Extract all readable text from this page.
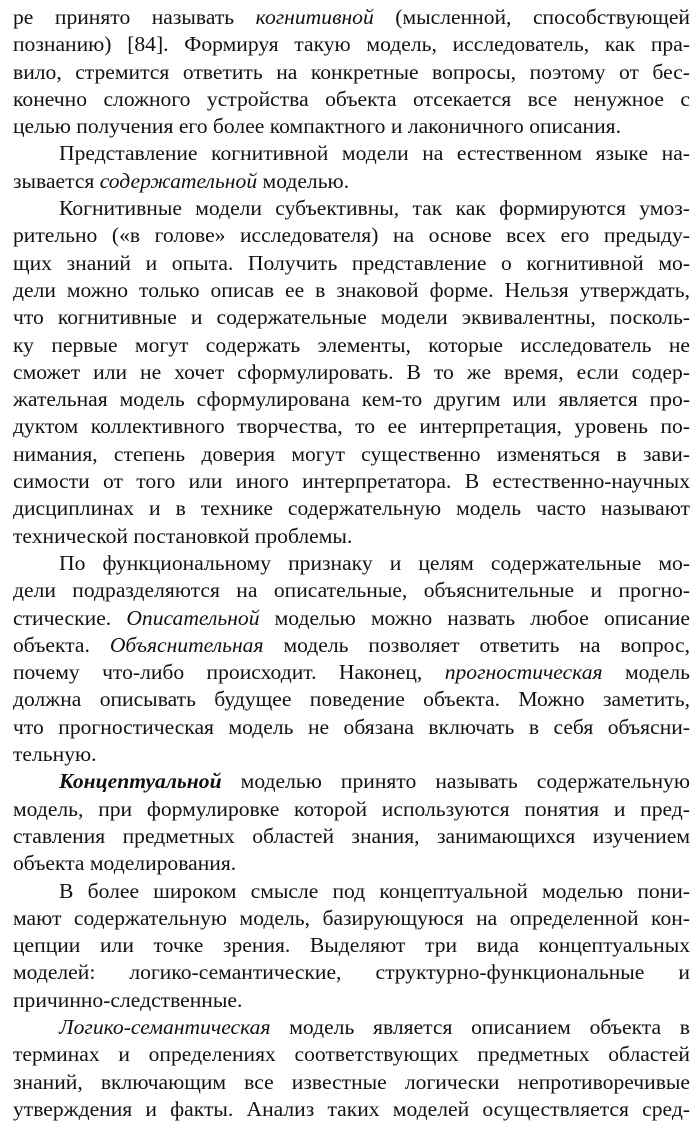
ре принято называть когнитивной (мысленной, способствующей
познанию) [84]. Формируя такую модель, исследователь, как пра-
вило, стремится ответить на конкретные вопросы, поэтому от бес-
конечно сложного устройства объекта отсекается все ненужное с
целью получения его более компактного и лаконичного описания.
Представление когнитивной модели на естественном языке на-
зывается содержательной моделью.
Когнитивные модели субъективны, так как формируются умоз-
рительно («в голове» исследователя) на основе всех его предыду-
щих знаний и опыта. Получить представление о когнитивной мо-
дели можно только описав ее в знаковой форме. Нельзя утверждать,
что когнитивные и содержательные модели эквивалентны, посколь-
ку первые могут содержать элементы, которые исследователь не
сможет или не хочет сформулировать. В то же время, если содер-
жательная модель сформулирована кем-то другим или является про-
дуктом коллективного творчества, то ее интерпретация, уровень по-
нимания, степень доверия могут существенно изменяться в зави-
симости от того или иного интерпретатора. В естественно-научных
дисциплинах и в технике содержательную модель часто называют
технической постановкой проблемы.
По функциональному признаку и целям содержательные мо-
дели подразделяются на описательные, объяснительные и прогно-
стические. Описательной моделью можно назвать любое описание
объекта. Объяснительная модель позволяет ответить на вопрос,
почему что-либо происходит. Наконец, прогностическая модель
должна описывать будущее поведение объекта. Можно заметить,
что прогностическая модель не обязана включать в себя объясни-
тельную.
Концептуальной моделью принято называть содержательную
модель, при формулировке которой используются понятия и пред-
ставления предметных областей знания, занимающихся изучением
объекта моделирования.
В более широком смысле под концептуальной моделью пони-
мают содержательную модель, базирующуюся на определенной кон-
цепции или точке зрения. Выделяют три вида концептуальных
моделей: логико-семантические, структурно-функциональные и
причинно-следственные.
Логико-семантическая модель является описанием объекта в
терминах и определениях соответствующих предметных областей
знаний, включающим все известные логически непротиворечивые
утверждения и факты. Анализ таких моделей осуществляется сред-
